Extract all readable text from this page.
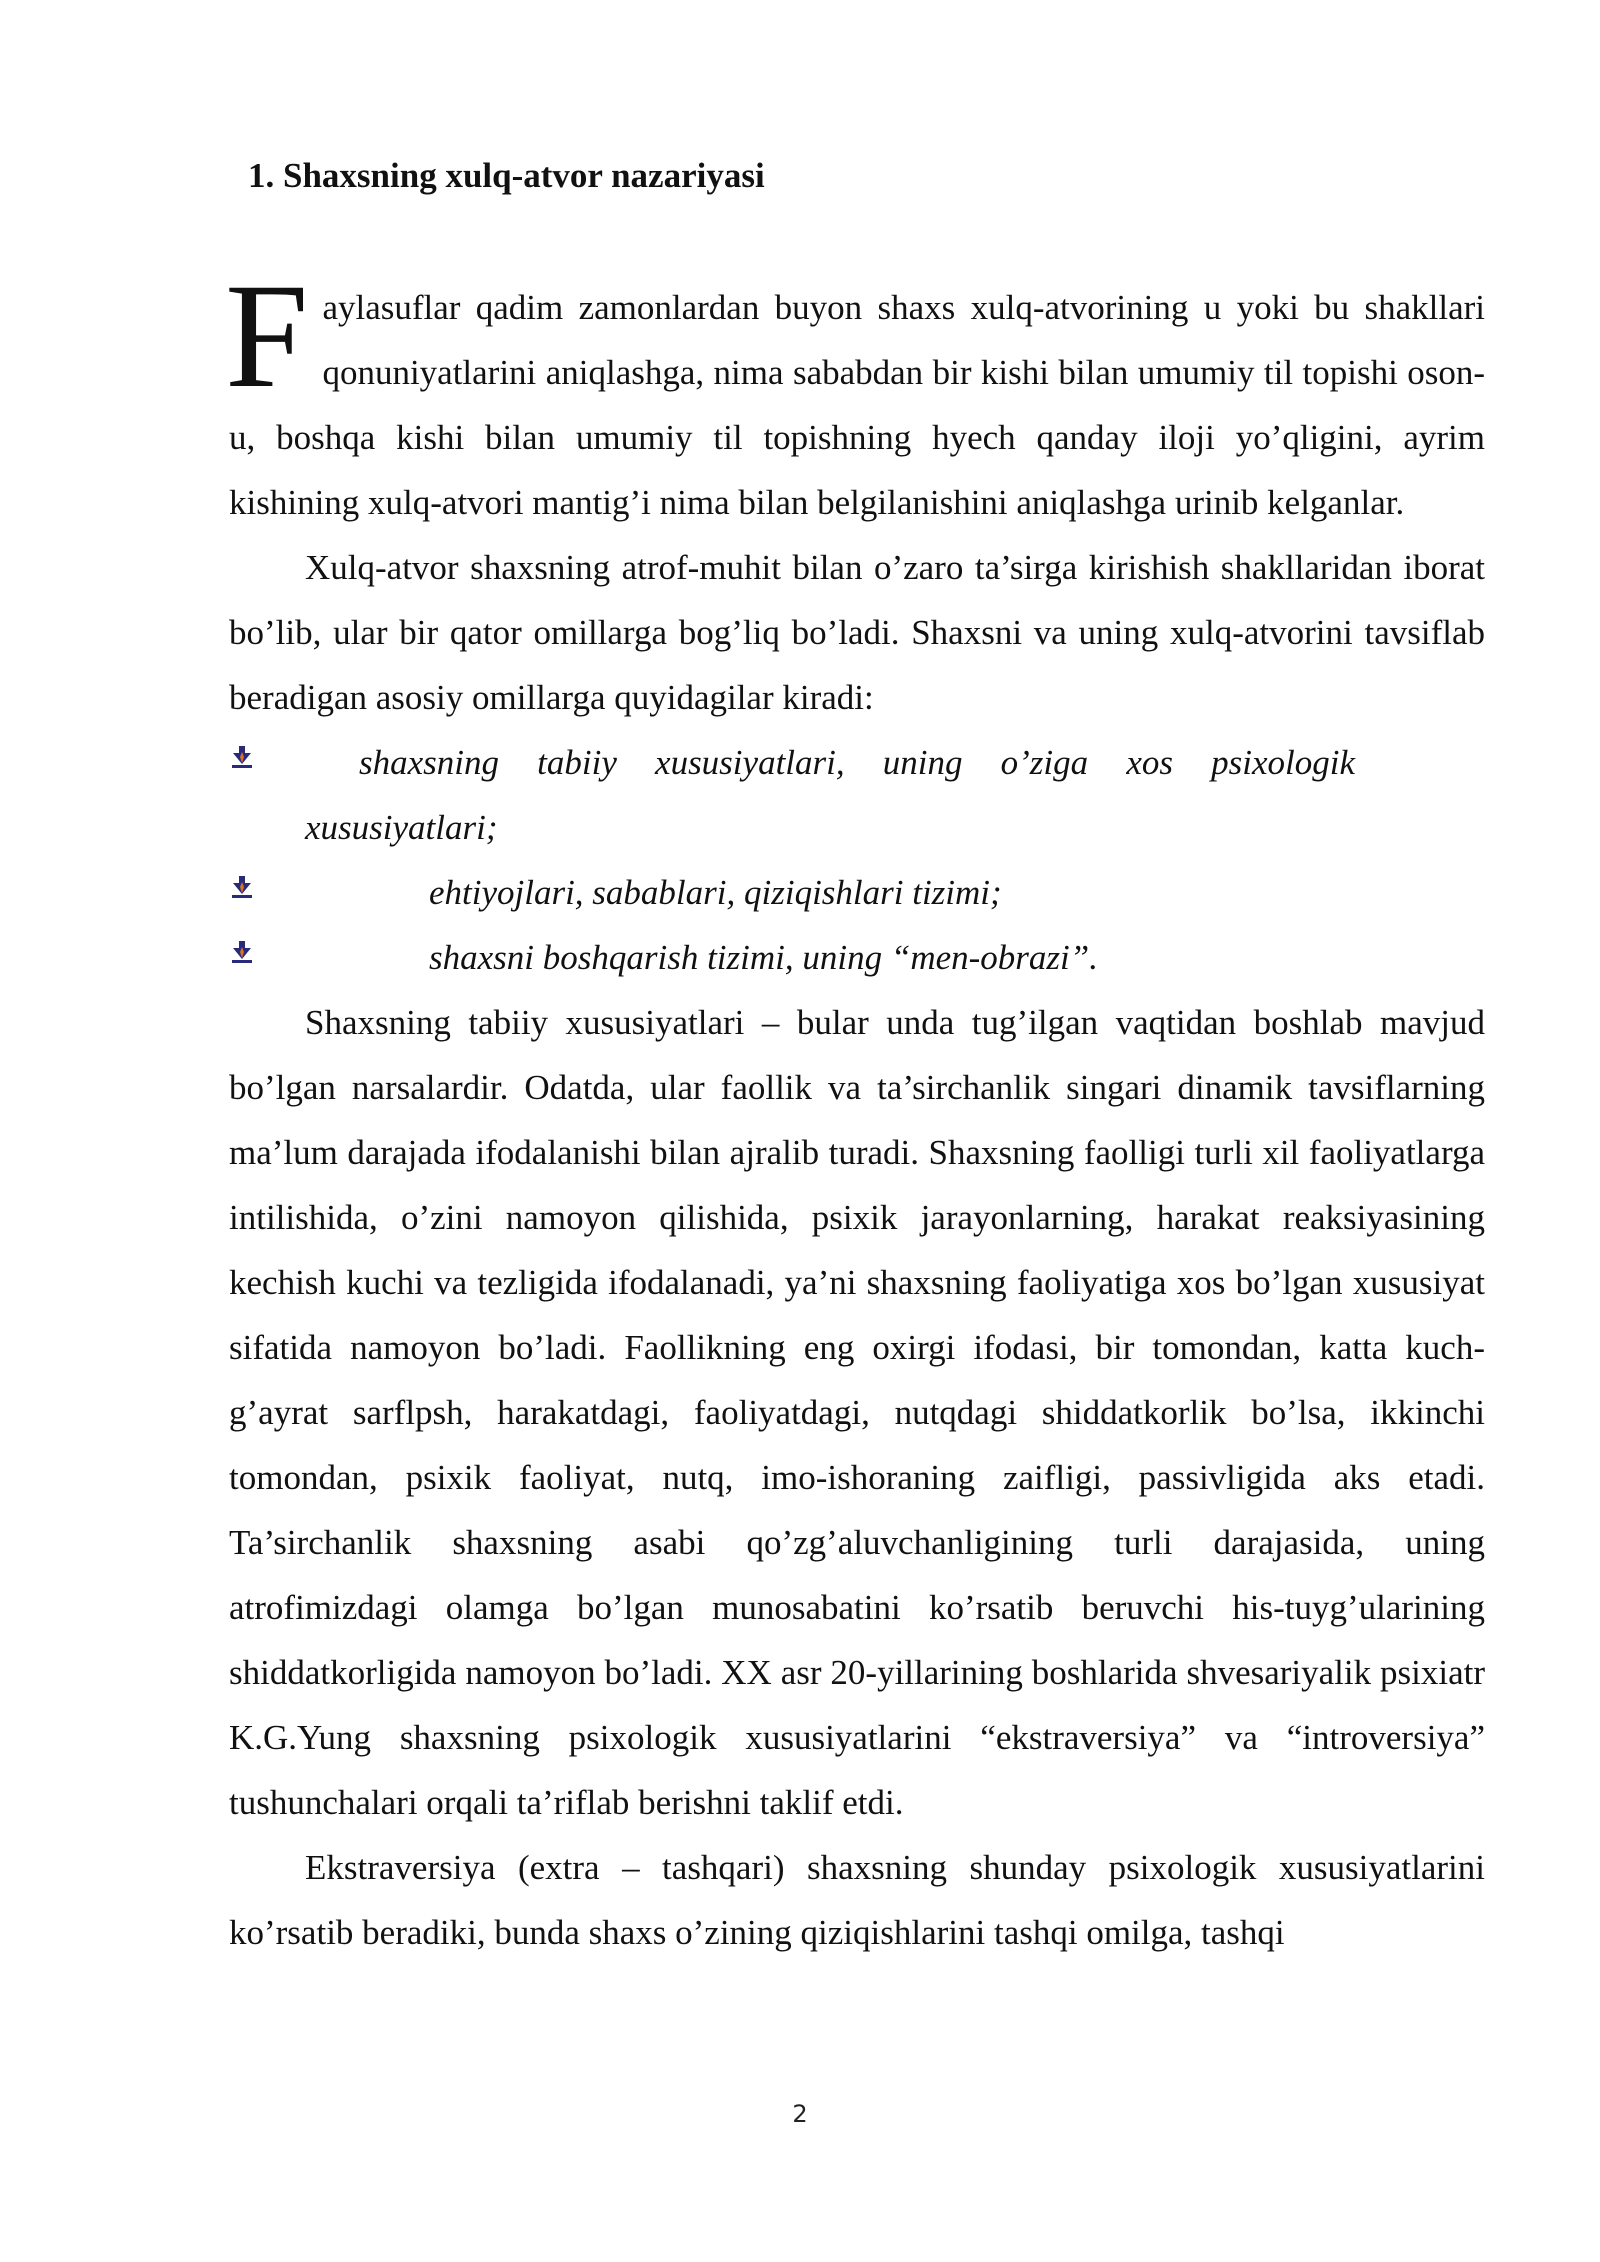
1. Shaxsning xulq-atvor nazariyasi

Faylasuflar qadim zamonlardan buyon shaxs xulq-atvorining u yoki bu shakllari qonuniyatlarini aniqlashga, nima sababdan bir kishi bilan umumiy til topishi oson-u, boshqa kishi bilan umumiy til topishning hyech qanday iloji yo’qligini, ayrim kishining xulq-atvori mantig’i nima bilan belgilanishini aniqlashga urinib kelganlar.

Xulq-atvor shaxsning atrof-muhit bilan o’zaro ta’sirga kirishish shakllaridan iborat bo’lib, ular bir qator omillarga bog’liq bo’ladi. Shaxsni va uning xulq-atvorini tavsiflab beradigan asosiy omillarga quyidagilar kiradi:

shaxsning tabiiy xususiyatlari, uning o’ziga xos psixologik
xususiyatlari;
ehtiyojlari, sabablari, qiziqishlari tizimi;
shaxsni boshqarish tizimi, uning “men-obrazi”.

Shaxsning tabiiy xususiyatlari – bular unda tug’ilgan vaqtidan boshlab mavjud bo’lgan narsalardir. Odatda, ular faollik va ta’sirchanlik singari dinamik tavsiflarning ma’lum darajada ifodalanishi bilan ajralib turadi. Shaxsning faolligi turli xil faoliyatlarga intilishida, o’zini namoyon qilishida, psixik jarayonlarning, harakat reaksiyasining kechish kuchi va tezligida ifodalanadi, ya’ni shaxsning faoliyatiga xos bo’lgan xususiyat sifatida namoyon bo’ladi. Faollikning eng oxirgi ifodasi, bir tomondan, katta kuch-g’ayrat sarflpsh, harakatdagi, faoliyatdagi, nutqdagi shiddatkorlik bo’lsa, ikkinchi tomondan, psixik faoliyat, nutq, imo-ishoraning zaifligi, passivligida aks etadi. Ta’sirchanlik shaxsning asabi qo’zg’aluvchanligining turli darajasida, uning atrofimizdagi olamga bo’lgan munosabatini ko’rsatib beruvchi his-tuyg’ularining shiddatkorligida namoyon bo’ladi. XX asr 20-yillarining boshlarida shvesariyalik psixiatr K.G.Yung shaxsning psixologik xususiyatlarini “ekstraversiya” va “introversiya” tushunchalari orqali ta’riflab berishni taklif etdi.

Ekstraversiya (extra – tashqari) shaxsning shunday psixologik xususiyatlarini ko’rsatib beradiki, bunda shaxs o’zining qiziqishlarini tashqi omilga, tashqi

2
